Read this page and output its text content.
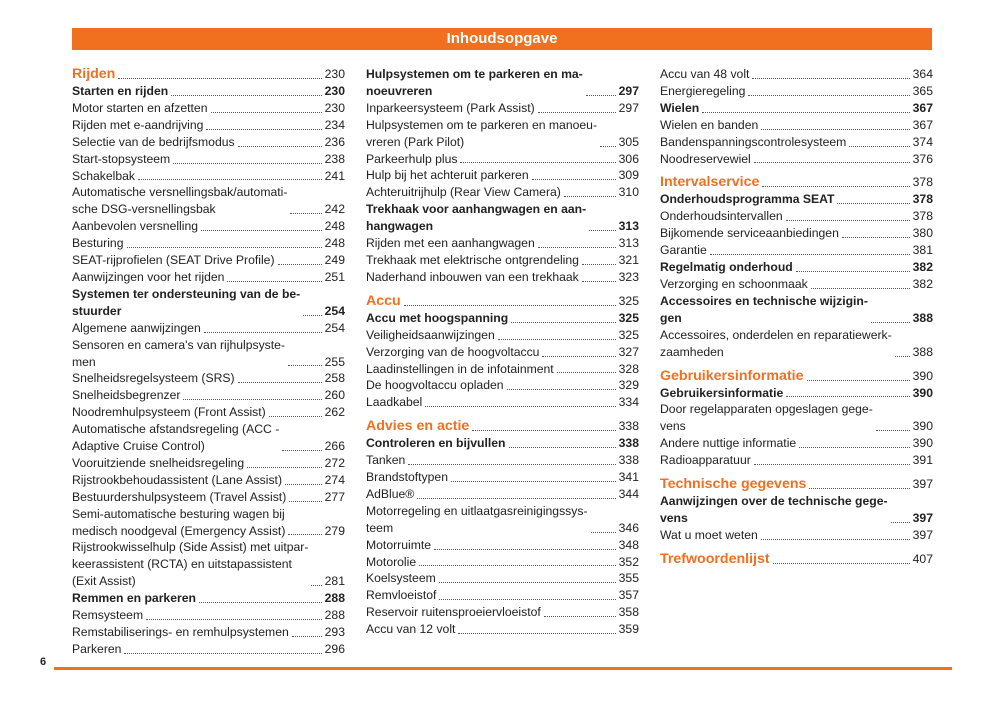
Inhoudsopgave
Rijden	230
Starten en rijden	230
Motor starten en afzetten	230
Rijden met e-aandrijving	234
Selectie van de bedrijfsmodus	236
Start-stopsysteem	238
Schakelbak	241
Automatische versnellingsbak/automati-
sche DSG-versnellingsbak	242
Aanbevolen versnelling	248
Besturing	248
SEAT-rijprofielen (SEAT Drive Profile)	249
Aanwijzingen voor het rijden	251
Systemen ter ondersteuning van de be-
stuurder	254
Algemene aanwijzingen	254
Sensoren en camera's van rijhulpsyste-
men	255
Snelheidsregelsysteem (SRS)	258
Snelheidsbegrenzer	260
Noodremhulpsysteem (Front Assist)	262
Automatische afstandsregeling (ACC -
Adaptive Cruise Control)	266
Vooruitziende snelheidsregeling	272
Rijstrookbehoudassistent (Lane Assist)	274
Bestuurdershulpsysteem (Travel Assist)	277
Semi-automatische besturing wagen bij
medisch noodgeval (Emergency Assist)	279
Rijstrookwisselhulp (Side Assist) met uitpar-
keerassistent (RCTA) en uitstapassistent
(Exit Assist)	281
Remmen en parkeren	288
Remsysteem	288
Remstabiliserings- en remhulpsystemen	293
Parkeren	296
Hulpsystemen om te parkeren en ma-
noeuvreren	297
Inparkeersysteem (Park Assist)	297
Hulpsystemen om te parkeren en manoeu-
vreren (Park Pilot)	305
Parkeerhulp plus	306
Hulp bij het achteruit parkeren	309
Achteruitrijhulp (Rear View Camera)	310
Trekhaak voor aanhangwagen en aan-
hangwagen	313
Rijden met een aanhangwagen	313
Trekhaak met elektrische ontgrendeling	321
Naderhand inbouwen van een trekhaak	323
Accu	325
Accu met hoogspanning	325
Veiligheidsaanwijzingen	325
Verzorging van de hoogvoltaccu	327
Laadinstellingen in de infotainment	328
De hoogvoltaccu opladen	329
Laadkabel	334
Advies en actie	338
Controleren en bijvullen	338
Tanken	338
Brandstoftypen	341
AdBlue®	344
Motorregeling en uitlaatgasreinigingssys-
teem	346
Motorruimte	348
Motorolie	352
Koelsysteem	355
Remvloeistof	357
Reservoir ruitensproeiervloeistof	358
Accu van 12 volt	359
Accu van 48 volt	364
Energieregeling	365
Wielen	367
Wielen en banden	367
Bandenspanningscontrolesysteem	374
Noodreservewiel	376
Intervalservice	378
Onderhoudsprogramma SEAT	378
Onderhoudsintervallen	378
Bijkomende serviceaanbiedingen	380
Garantie	381
Regelmatig onderhoud	382
Verzorging en schoonmaak	382
Accessoires en technische wijzigin-
gen	388
Accessoires, onderdelen en reparatiewerk-
zaamheden	388
Gebruikersinformatie	390
Gebruikersinformatie	390
Door regelapparaten opgeslagen gege-
vens	390
Andere nuttige informatie	390
Radioapparatuur	391
Technische gegevens	397
Aanwijzingen over de technische gege-
vens	397
Wat u moet weten	397
Trefwoordenlijst	407
6
